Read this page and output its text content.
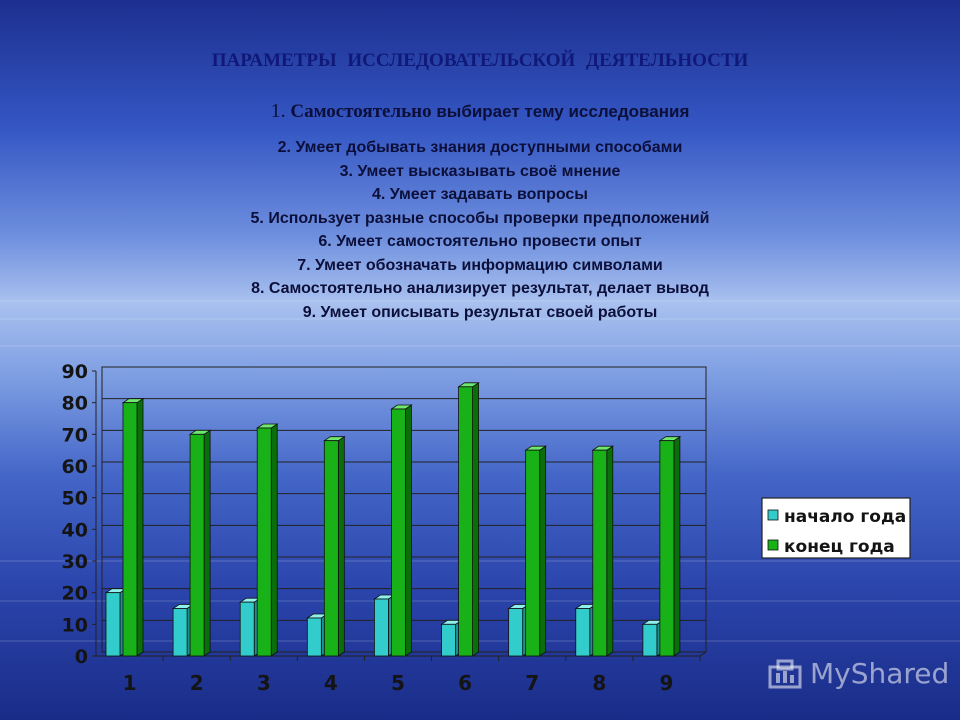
ПАРАМЕТРЫ ИССЛЕДОВАТЕЛЬСКОЙ ДЕЯТЕЛЬНОСТИ
1. Самостоятельно выбирает тему исследования
2. Умеет добывать знания доступными способами
3. Умеет высказывать своё мнение
4. Умеет задавать вопросы
5. Использует разные способы проверки предположений
6. Умеет самостоятельно провести опыт
7. Умеет обозначать информацию символами
8. Самостоятельно анализирует результат, делает вывод
9. Умеет описывать результат своей работы
0
10
20
30
40
50
60
70
80
90
1	2	3	4	5	6	7	8	9
начало года
конец года
MyShared
